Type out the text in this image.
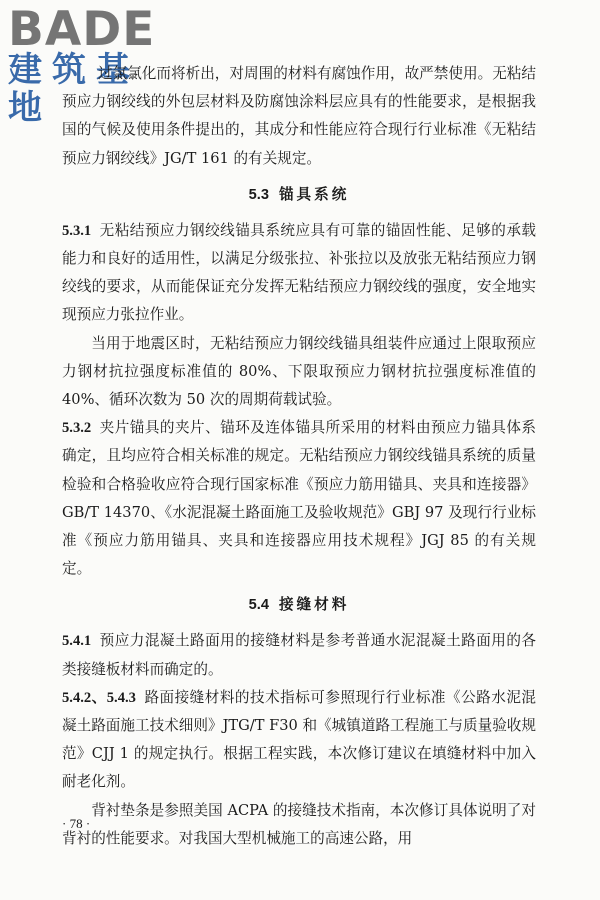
BADE
建筑基地

过氯氯化而将析出，对周围的材料有腐蚀作用，故严禁使用。无粘结预应力钢绞线的外包层材料及防腐蚀涂料层应具有的性能要求，是根据我国的气候及使用条件提出的，其成分和性能应符合现行行业标准《无粘结预应力钢绞线》JG/T 161 的有关规定。

5.3 锚具系统

5.3.1 无粘结预应力钢绞线锚具系统应具有可靠的锚固性能、足够的承载能力和良好的适用性，以满足分级张拉、补张拉以及放张无粘结预应力钢绞线的要求，从而能保证充分发挥无粘结预应力钢绞线的强度，安全地实现预应力张拉作业。

当用于地震区时，无粘结预应力钢绞线锚具组装件应通过上限取预应力钢材抗拉强度标准值的 80%、下限取预应力钢材抗拉强度标准值的 40%、循环次数为 50 次的周期荷载试验。

5.3.2 夹片锚具的夹片、锚环及连体锚具所采用的材料由预应力锚具体系确定，且均应符合相关标准的规定。无粘结预应力钢绞线锚具系统的质量检验和合格验收应符合现行国家标准《预应力筋用锚具、夹具和连接器》GB/T 14370、《水泥混凝土路面施工及验收规范》GBJ 97 及现行行业标准《预应力筋用锚具、夹具和连接器应用技术规程》JGJ 85 的有关规定。

5.4 接缝材料

5.4.1 预应力混凝土路面用的接缝材料是参考普通水泥混凝土路面用的各类接缝板材料而确定的。

5.4.2、5.4.3 路面接缝材料的技术指标可参照现行行业标准《公路水泥混凝土路面施工技术细则》JTG/T F30 和《城镇道路工程施工与质量验收规范》CJJ 1 的规定执行。根据工程实践，本次修订建议在填缝材料中加入耐老化剂。

背衬垫条是参照美国 ACPA 的接缝技术指南，本次修订具体说明了对背衬的性能要求。对我国大型机械施工的高速公路，用

· 78 ·
